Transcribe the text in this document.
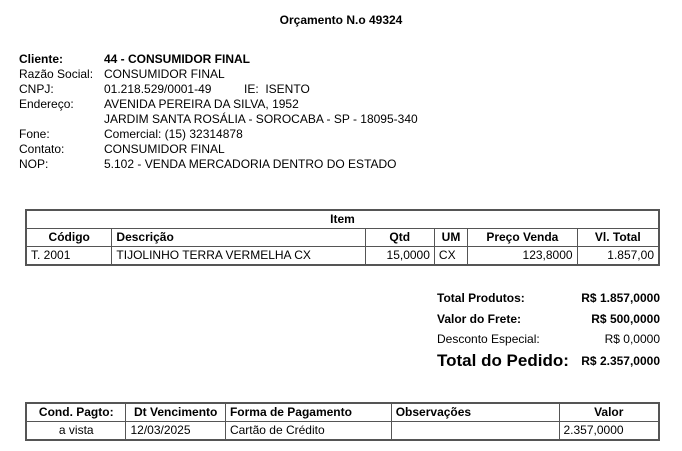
Orçamento N.o 49324
Cliente:	44 - CONSUMIDOR FINAL
Razão Social: CONSUMIDOR FINAL
CNPJ:	01.218.529/0001-49	IE:  ISENTO
Endereço:	AVENIDA PEREIRA DA SILVA, 1952
JARDIM SANTA ROSÁLIA - SOROCABA - SP - 18095-340
Fone:	Comercial: (15) 32314878
Contato:	CONSUMIDOR FINAL
NOP:	5.102 - VENDA MERCADORIA DENTRO DO ESTADO
Item					
Código	Descrição	Qtd	UM	Preço Venda	Vl. Total
T. 2001	TIJOLINHO TERRA VERMELHA CX	15,0000	CX	123,8000	1.857,00
Total Produtos:	R$ 1.857,0000
Valor do Frete:	R$ 500,0000
Desconto Especial:	R$ 0,0000
Total do Pedido:	R$ 2.357,0000
Cond. Pagto:	Dt Vencimento	Forma de Pagamento	Observações	Valor
a vista	12/03/2025	Cartão de Crédito		2.357,0000
